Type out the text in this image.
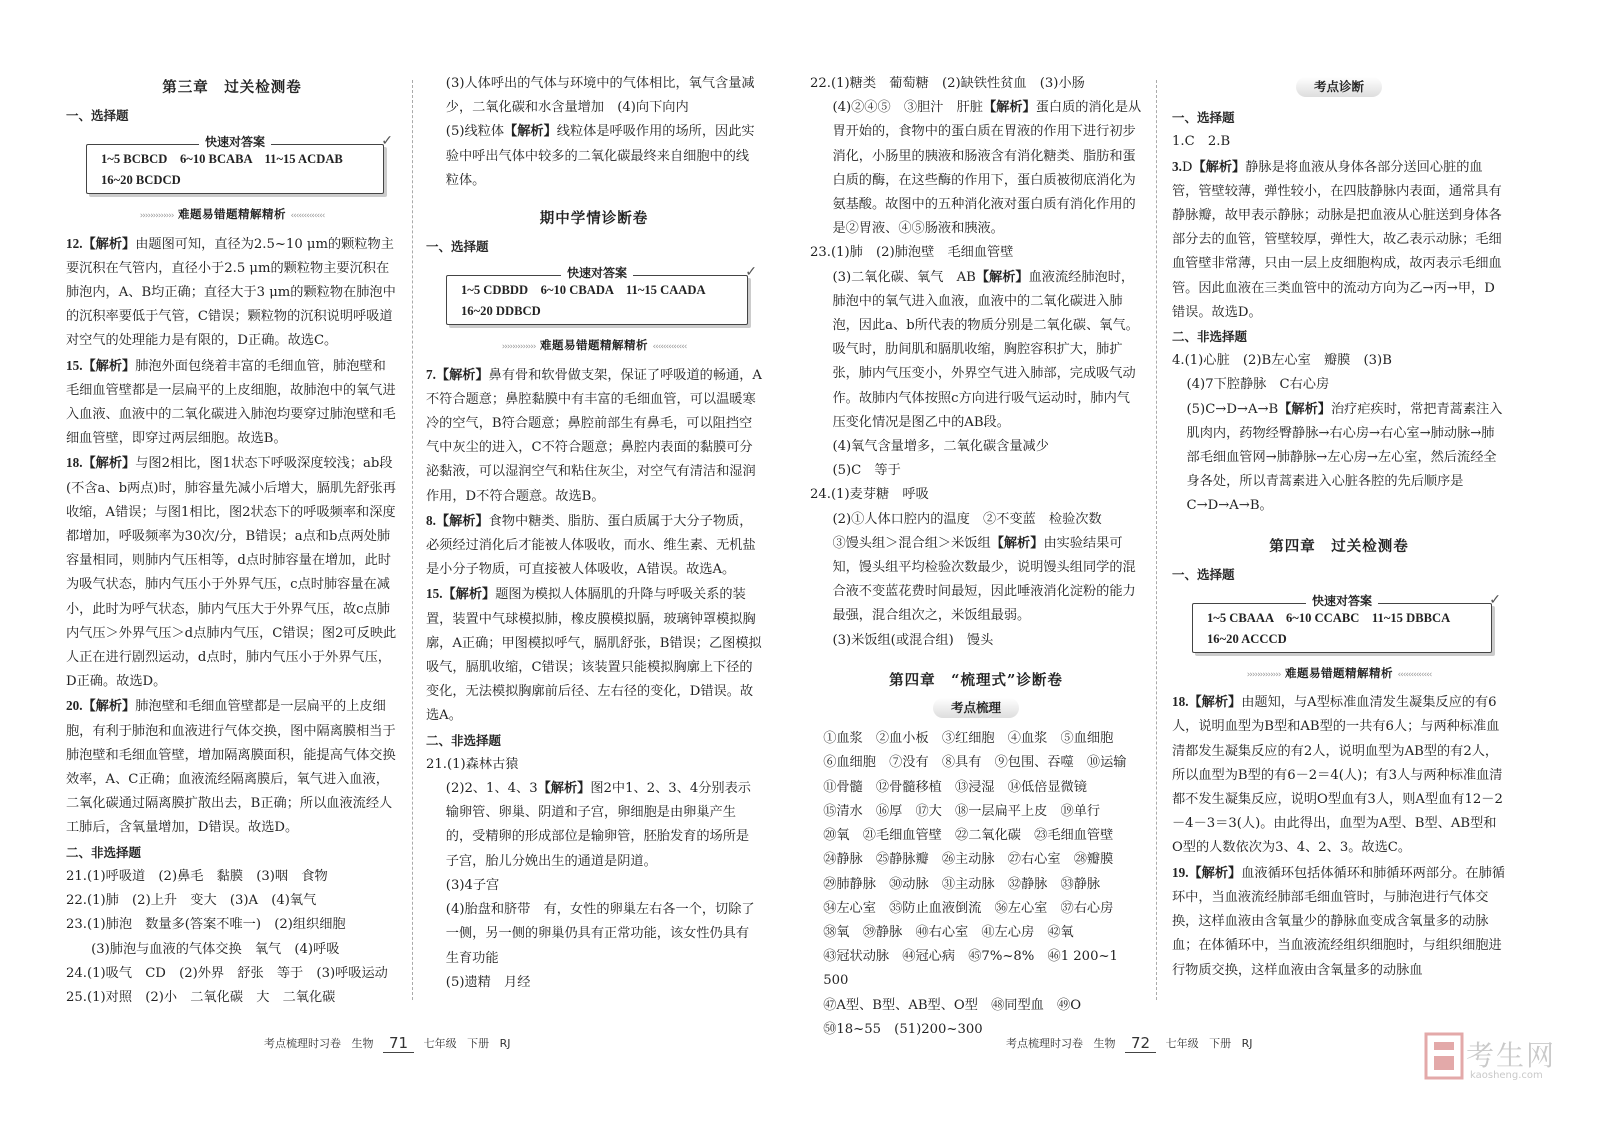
第三章　过关检测卷
一、选择题
快速对答案	✓
1~5 BCBCD　6~10 BCABA　11~15 ACDAB
16~20 BCDCD
››››››››››››› 难题易错题精解精析 ‹‹‹‹‹‹‹‹‹‹‹‹‹
12.【解析】由题图可知，直径为2.5~10 μm的颗粒物主要沉积在气管内，直径小于2.5 μm的颗粒物主要沉积在肺泡内，A、B均正确；直径大于3 μm的颗粒物在肺泡中的沉积率要低于气管，C错误；颗粒物的沉积说明呼吸道对空气的处理能力是有限的，D正确。故选C。
15.【解析】肺泡外面包绕着丰富的毛细血管，肺泡壁和毛细血管壁都是一层扁平的上皮细胞，故肺泡中的氧气进入血液、血液中的二氧化碳进入肺泡均要穿过肺泡壁和毛细血管壁，即穿过两层细胞。故选B。
18.【解析】与图2相比，图1状态下呼吸深度较浅；ab段(不含a、b两点)时，肺容量先减小后增大，膈肌先舒张再收缩，A错误；与图1相比，图2状态下的呼吸频率和深度都增加，呼吸频率为30次/分，B错误；a点和b点两处肺容量相同，则肺内气压相等，d点时肺容量在增加，此时为吸气状态，肺内气压小于外界气压，c点时肺容量在减小，此时为呼气状态，肺内气压大于外界气压，故c点肺内气压＞外界气压＞d点肺内气压，C错误；图2可反映此人正在进行剧烈运动，d点时，肺内气压小于外界气压，D正确。故选D。
20.【解析】肺泡壁和毛细血管壁都是一层扁平的上皮细胞，有利于肺泡和血液进行气体交换，图中隔离膜相当于肺泡壁和毛细血管壁，增加隔离膜面积，能提高气体交换效率，A、C正确；血液流经隔离膜后，氧气进入血液，二氧化碳通过隔离膜扩散出去，B正确；所以血液流经人工肺后，含氧量增加，D错误。故选D。
二、非选择题
21.(1)呼吸道　(2)鼻毛　黏膜　(3)咽　食物
22.(1)肺　(2)上升　变大　(3)A　(4)氧气
23.(1)肺泡　数量多(答案不唯一)　(2)组织细胞
(3)肺泡与血液的气体交换　氧气　(4)呼吸
24.(1)吸气　CD　(2)外界　舒张　等于　(3)呼吸运动
25.(1)对照　(2)小　二氧化碳　大　二氧化碳
(3)人体呼出的气体与环境中的气体相比，氧气含量减少，二氧化碳和水含量增加　(4)向下向内
(5)线粒体【解析】线粒体是呼吸作用的场所，因此实验中呼出气体中较多的二氧化碳最终来自细胞中的线粒体。
期中学情诊断卷
一、选择题
快速对答案	✓
1~5 CDBDD　6~10 CBADA　11~15 CAADA
16~20 DDBCD
››››››››››››› 难题易错题精解精析 ‹‹‹‹‹‹‹‹‹‹‹‹‹
7.【解析】鼻有骨和软骨做支架，保证了呼吸道的畅通，A不符合题意；鼻腔黏膜中有丰富的毛细血管，可以温暖寒冷的空气，B符合题意；鼻腔前部生有鼻毛，可以阻挡空气中灰尘的进入，C不符合题意；鼻腔内表面的黏膜可分泌黏液，可以湿润空气和粘住灰尘，对空气有清洁和湿润作用，D不符合题意。故选B。
8.【解析】食物中糖类、脂肪、蛋白质属于大分子物质，必须经过消化后才能被人体吸收，而水、维生素、无机盐是小分子物质，可直接被人体吸收，A错误。故选A。
15.【解析】题图为模拟人体膈肌的升降与呼吸关系的装置，装置中气球模拟肺，橡皮膜模拟膈，玻璃钟罩模拟胸廓，A正确；甲图模拟呼气，膈肌舒张，B错误；乙图模拟吸气，膈肌收缩，C错误；该装置只能模拟胸廓上下径的变化，无法模拟胸廓前后径、左右径的变化，D错误。故选A。
二、非选择题
21.(1)森林古猿
(2)2、1、4、3【解析】图2中1、2、3、4分别表示输卵管、卵巢、阴道和子宫，卵细胞是由卵巢产生的，受精卵的形成部位是输卵管，胚胎发育的场所是子宫，胎儿分娩出生的通道是阴道。
(3)4子宫
(4)胎盘和脐带　有，女性的卵巢左右各一个，切除了一侧，另一侧的卵巢仍具有正常功能，该女性仍具有生育功能
(5)遗精　月经
22.(1)糖类　葡萄糖　(2)缺铁性贫血　(3)小肠
(4)②④⑤　③胆汁　肝脏【解析】蛋白质的消化是从胃开始的，食物中的蛋白质在胃液的作用下进行初步消化，小肠里的胰液和肠液含有消化糖类、脂肪和蛋白质的酶，在这些酶的作用下，蛋白质被彻底消化为氨基酸。故图中的五种消化液对蛋白质有消化作用的是②胃液、④⑤肠液和胰液。
23.(1)肺　(2)肺泡壁　毛细血管壁
(3)二氧化碳、氧气　AB【解析】血液流经肺泡时，肺泡中的氧气进入血液，血液中的二氧化碳进入肺泡，因此a、b所代表的物质分别是二氧化碳、氧气。吸气时，肋间肌和膈肌收缩，胸腔容积扩大，肺扩张，肺内气压变小，外界空气进入肺部，完成吸气动作。故肺内气体按照c方向进行吸气运动时，肺内气压变化情况是图乙中的AB段。
(4)氧气含量增多，二氧化碳含量减少
(5)C　等于
24.(1)麦芽糖　呼吸
(2)①人体口腔内的温度　②不变蓝　检验次数
③馒头组＞混合组＞米饭组【解析】由实验结果可知，馒头组平均检验次数最少，说明馒头组同学的混合液不变蓝花费时间最短，因此唾液消化淀粉的能力最强，混合组次之，米饭组最弱。
(3)米饭组(或混合组)　馒头
第四章　“梳理式”诊断卷
考点梳理
①血浆　②血小板　③红细胞　④血浆　⑤血细胞
⑥血细胞　⑦没有　⑧具有　⑨包围、吞噬　⑩运输
⑪骨髓　⑫骨髓移植　⑬浸湿　⑭低倍显微镜
⑮清水　⑯厚　⑰大　⑱一层扁平上皮　⑲单行
⑳氧　㉑毛细血管壁　㉒二氧化碳　㉓毛细血管壁
㉔静脉　㉕静脉瓣　㉖主动脉　㉗右心室　㉘瓣膜
㉙肺静脉　㉚动脉　㉛主动脉　㉜静脉　㉝静脉
㉞左心室　㉟防止血液倒流　㊱左心室　㊲右心房
㊳氧　㊴静脉　㊵右心室　㊶左心房　㊷氧
㊸冠状动脉　㊹冠心病　㊺7%~8%　㊻1 200~1 500
㊼A型、B型、AB型、O型　㊽同型血　㊾O
㊿18~55　(51)200~300
考点诊断
一、选择题
1.C　2.B
3.D【解析】静脉是将血液从身体各部分送回心脏的血管，管壁较薄，弹性较小，在四肢静脉内表面，通常具有静脉瓣，故甲表示静脉；动脉是把血液从心脏送到身体各部分去的血管，管壁较厚，弹性大，故乙表示动脉；毛细血管壁非常薄，只由一层上皮细胞构成，故丙表示毛细血管。因此血液在三类血管中的流动方向为乙→丙→甲，D错误。故选D。
二、非选择题
4.(1)心脏　(2)B左心室　瓣膜　(3)B
(4)7下腔静脉　C右心房
(5)C→D→A→B【解析】治疗疟疾时，常把青蒿素注入肌肉内，药物经臀静脉→右心房→右心室→肺动脉→肺部毛细血管网→肺静脉→左心房→左心室，然后流经全身各处，所以青蒿素进入心脏各腔的先后顺序是C→D→A→B。
第四章　过关检测卷
一、选择题
快速对答案	✓
1~5 CBAAA　6~10 CCABC　11~15 DBBCA
16~20 ACCCD
››››››››››››› 难题易错题精解精析 ‹‹‹‹‹‹‹‹‹‹‹‹‹
18.【解析】由题知，与A型标准血清发生凝集反应的有6人，说明血型为B型和AB型的一共有6人；与两种标准血清都发生凝集反应的有2人，说明血型为AB型的有2人，所以血型为B型的有6－2＝4(人)；有3人与两种标准血清都不发生凝集反应，说明O型血有3人，则A型血有12－2－4－3＝3(人)。由此得出，血型为A型、B型、AB型和O型的人数依次为3、4、2、3。故选C。
19.【解析】血液循环包括体循环和肺循环两部分。在肺循环中，当血液流经肺部毛细血管时，与肺泡进行气体交换，这样血液由含氧量少的静脉血变成含氧量多的动脉血；在体循环中，当血液流经组织细胞时，与组织细胞进行物质交换，这样血液由含氧量多的动脉血
考点梳理时习卷 生物 71 七年级 下册 RJ	考点梳理时习卷 生物 72 七年级 下册 RJ	考生网
kaosheng.com
